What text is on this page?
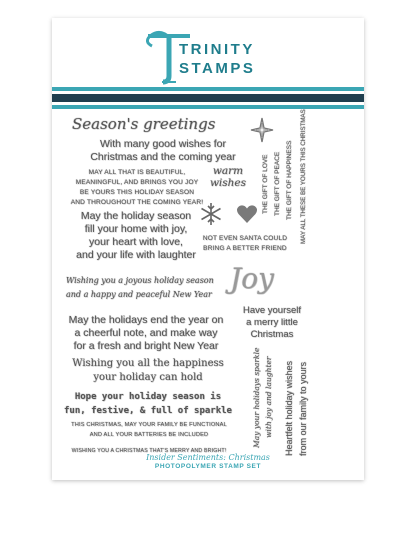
TRINITY
STAMPS
Season's greetings
With many good wishes for
Christmas and the coming year
MAY ALL THAT IS BEAUTIFUL,
MEANINGFUL, AND BRINGS YOU JOY
BE YOURS THIS HOLIDAY SEASON
AND THROUGHOUT THE COMING YEAR!
warm
wishes
NOT EVEN SANTA COULD
BRING A BETTER FRIEND
May the holiday season
fill your home with joy,
your heart with love,
and your life with laughter
Wishing you a joyous holiday season
and a happy and peaceful New Year Joy
May the holidays end the year on
a cheerful note, and make way
for a fresh and bright New Year
Have yourself
a merry little
Christmas
Wishing you all the happiness
your holiday can hold
Hope your holiday season is
fun, festive, & full of sparkle
THIS CHRISTMAS, MAY YOUR FAMILY BE FUNCTIONAL
AND ALL YOUR BATTERIES BE INCLUDED
WISHING YOU A CHRISTMAS THAT'S MERRY AND BRIGHT!
THE GIFT OF LOVE THE GIFT OF PEACE THE GIFT OF HAPPINESS MAY ALL THESE BE YOURS THIS CHRISTMAS
May your holidays sparkle with joy and laughter Heartfelt holiday wishes from our family to yours
Insider Sentiments: Christmas
PHOTOPOLYMER STAMP SET
